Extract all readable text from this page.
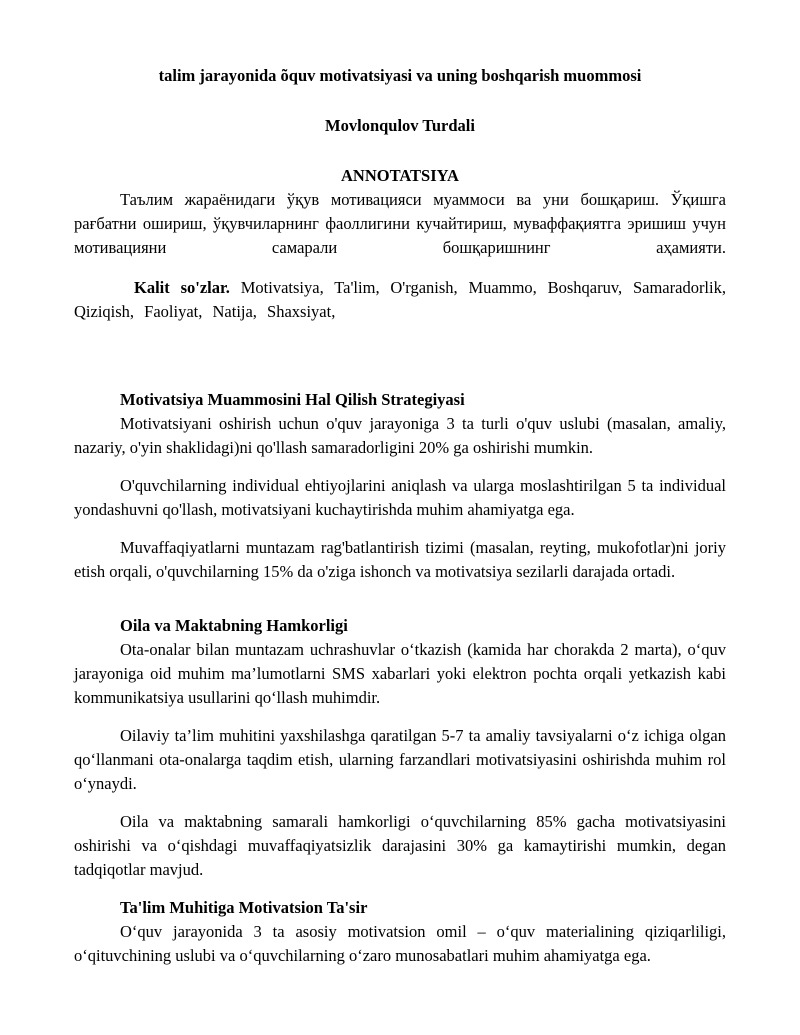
talim jarayonida õquv motivatsiyasi va uning boshqarish muommosi
Movlonqulov Turdali
ANNOTATSIYA

Таълим жараёнидаги ўқув мотивацияси муаммоси ва уни бошқариш. Ўқишга рағбатни ошириш, ўқувчиларнинг фаоллигини кучайтириш, муваффақиятга эришиш учун мотивацияни самарали бошқаришнинг аҳамияти.

Kalit so'zlar. Motivatsiya, Ta'lim, O'rganish, Muammo, Boshqaruv, Samaradorlik, Qiziqish, Faoliyat, Natija, Shaxsiyat,

Motivatsiya Muammosini Hal Qilish Strategiyasi

Motivatsiyani oshirish uchun o'quv jarayoniga 3 ta turli o'quv uslubi (masalan, amaliy, nazariy, o'yin shaklidagi)ni qo'llash samaradorligini 20% ga oshirishi mumkin.

O'quvchilarning individual ehtiyojlarini aniqlash va ularga moslashtirilgan 5 ta individual yondashuvni qo'llash, motivatsiyani kuchaytirishda muhim ahamiyatga ega.

Muvaffaqiyatlarni muntazam rag'batlantirish tizimi (masalan, reyting, mukofotlar)ni joriy etish orqali, o'quvchilarning 15% da o'ziga ishonch va motivatsiya sezilarli darajada ortadi.

Oila va Maktabning Hamkorligi

Ota-onalar bilan muntazam uchrashuvlar o‘tkazish (kamida har chorakda 2 marta), o‘quv jarayoniga oid muhim ma’lumotlarni SMS xabarlari yoki elektron pochta orqali yetkazish kabi kommunikatsiya usullarini qo‘llash muhimdir.

Oilaviy ta’lim muhitini yaxshilashga qaratilgan 5-7 ta amaliy tavsiyalarni o‘z ichiga olgan qo‘llanmani ota-onalarga taqdim etish, ularning farzandlari motivatsiyasini oshirishda muhim rol o‘ynaydi.

Oila va maktabning samarali hamkorligi o‘quvchilarning 85% gacha motivatsiyasini oshirishi va o‘qishdagi muvaffaqiyatsizlik darajasini 30% ga kamaytirishi mumkin, degan tadqiqotlar mavjud.

Ta'lim Muhitiga Motivatsion Ta'sir

O‘quv jarayonida 3 ta asosiy motivatsion omil – o‘quv materialining qiziqarliligi, o‘qituvchining uslubi va o‘quvchilarning o‘zaro munosabatlari muhim ahamiyatga ega.
